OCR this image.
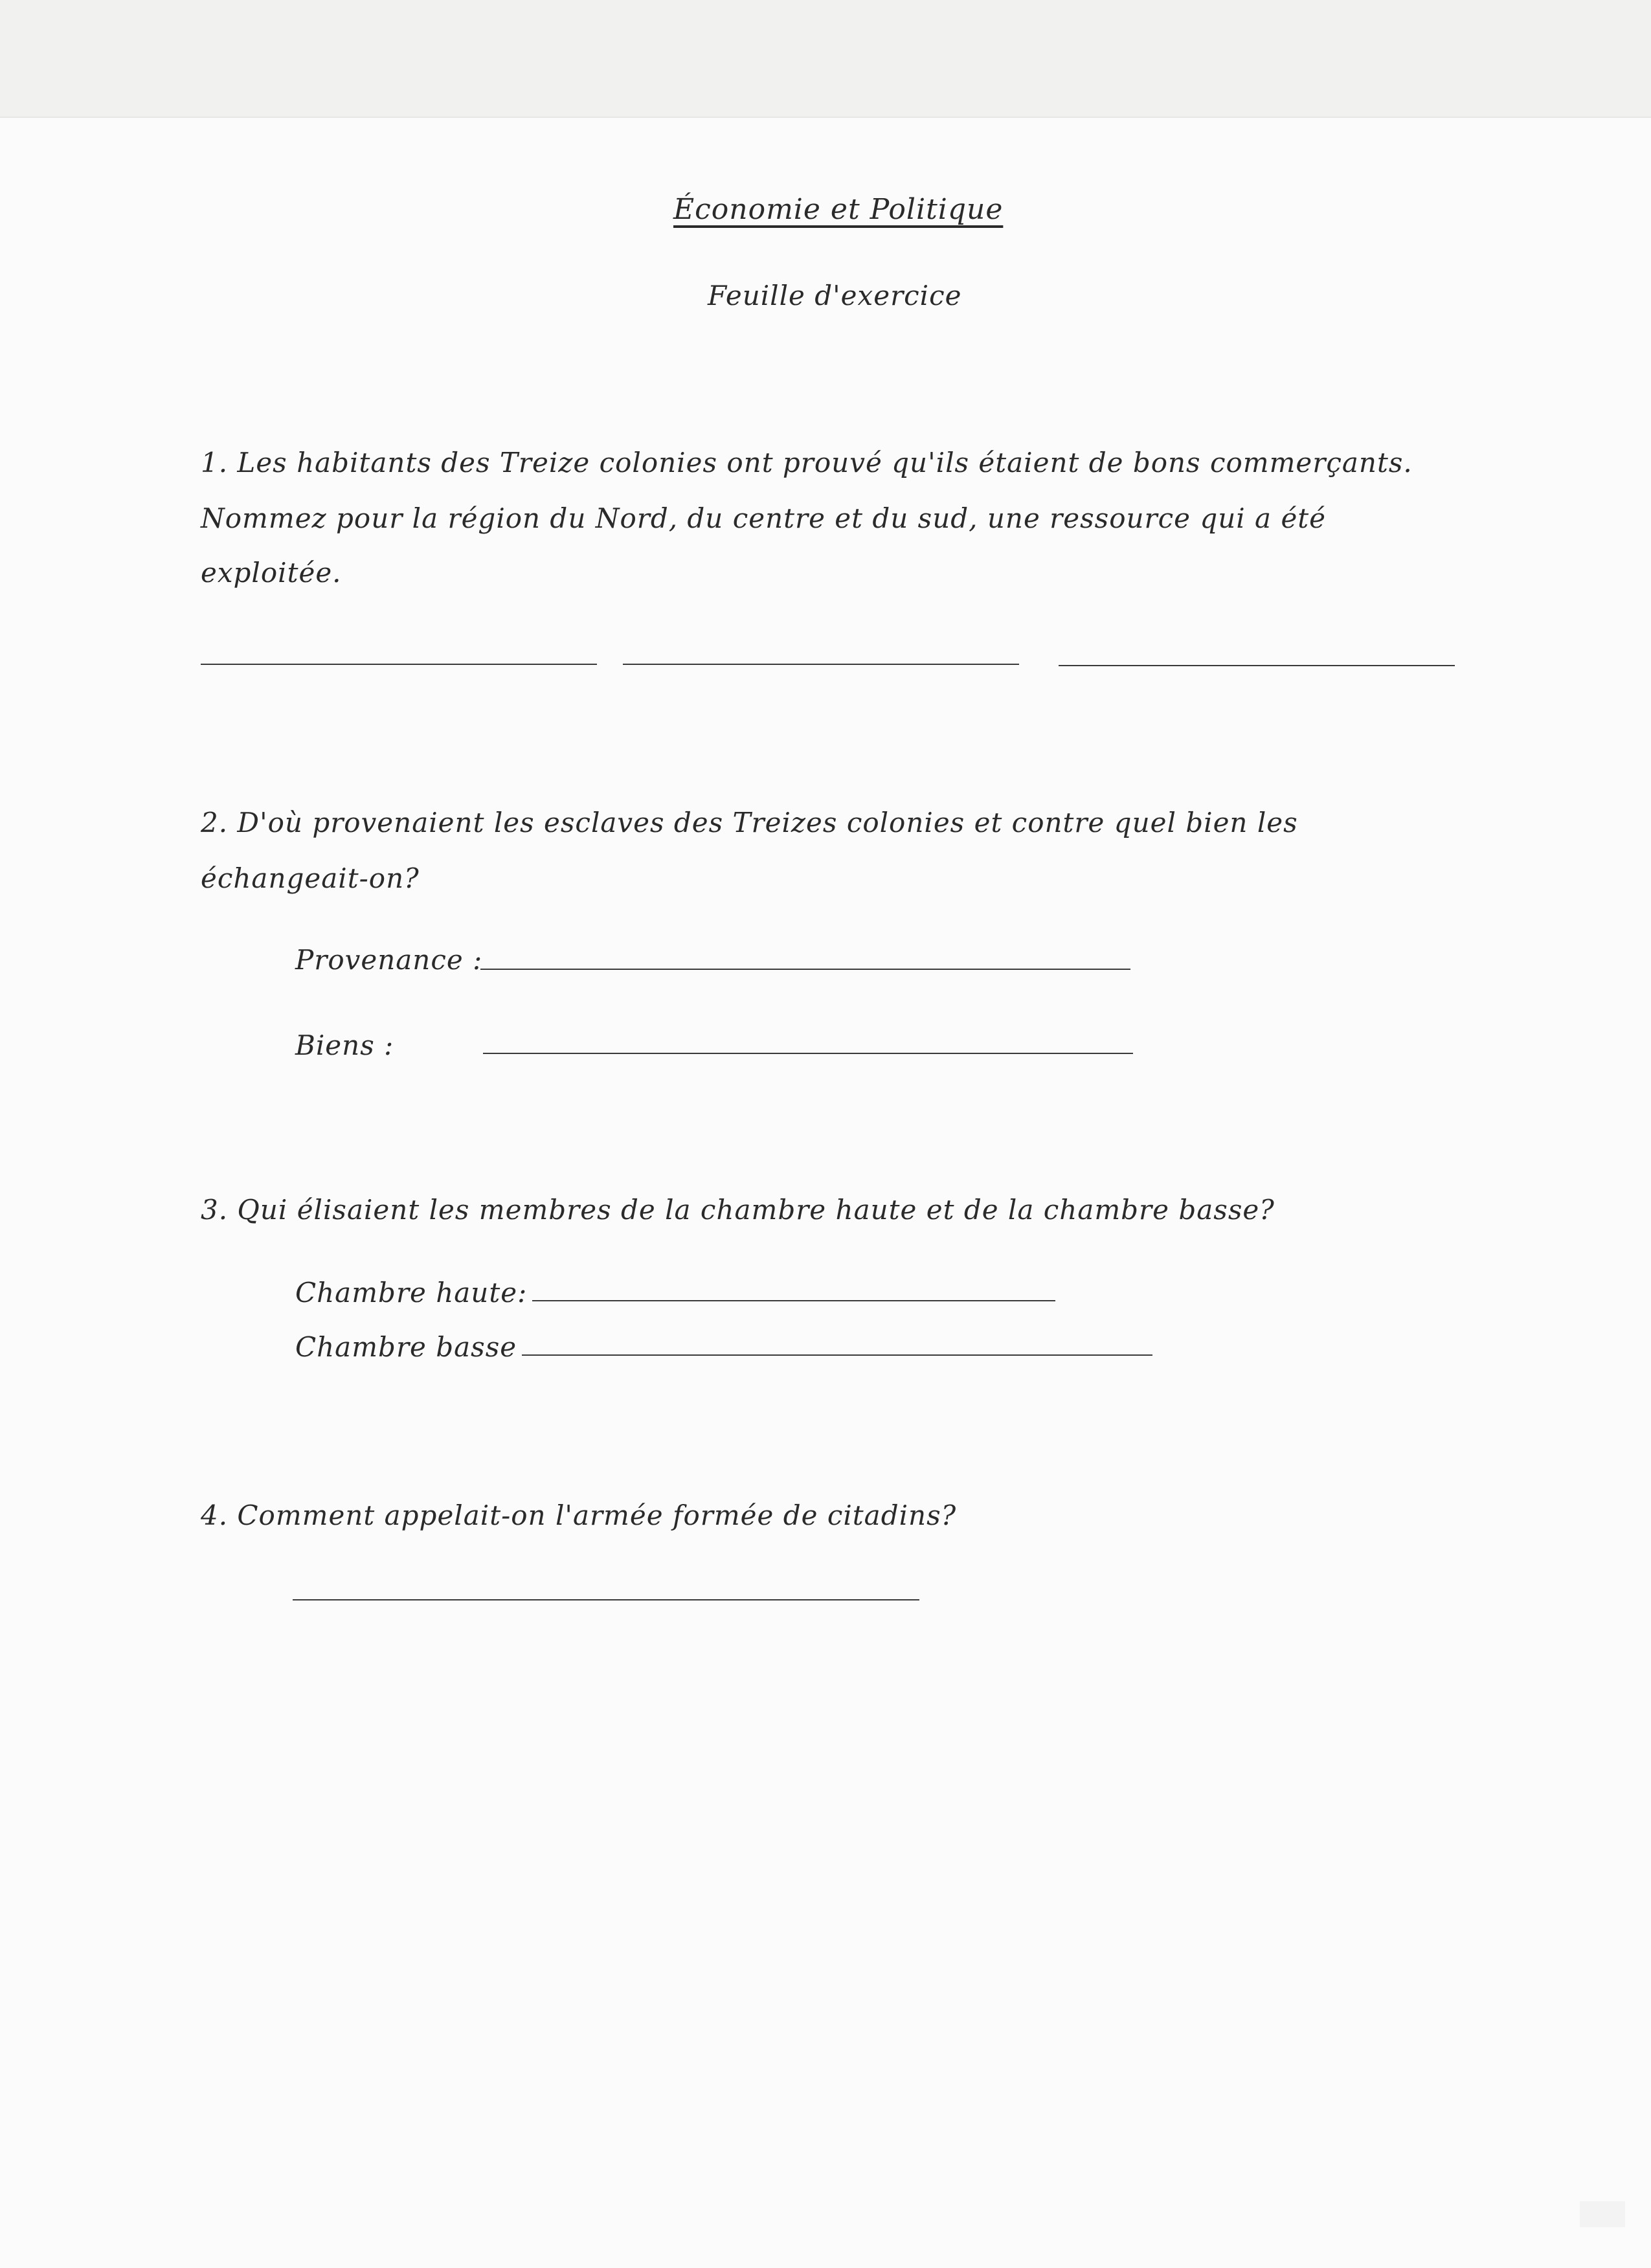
Économie et Politique
Feuille d'exercice
1. Les habitants des Treize colonies ont prouvé qu'ils étaient de bons commerçants.
Nommez pour la région du Nord, du centre et du sud, une ressource qui a été
exploitée.
2. D'où provenaient les esclaves des Treizes colonies et contre quel bien les
échangeait-on?
Provenance :
Biens :
3. Qui élisaient les membres de la chambre haute et de la chambre basse?
Chambre haute:
Chambre basse
4. Comment appelait-on l'armée formée de citadins?
